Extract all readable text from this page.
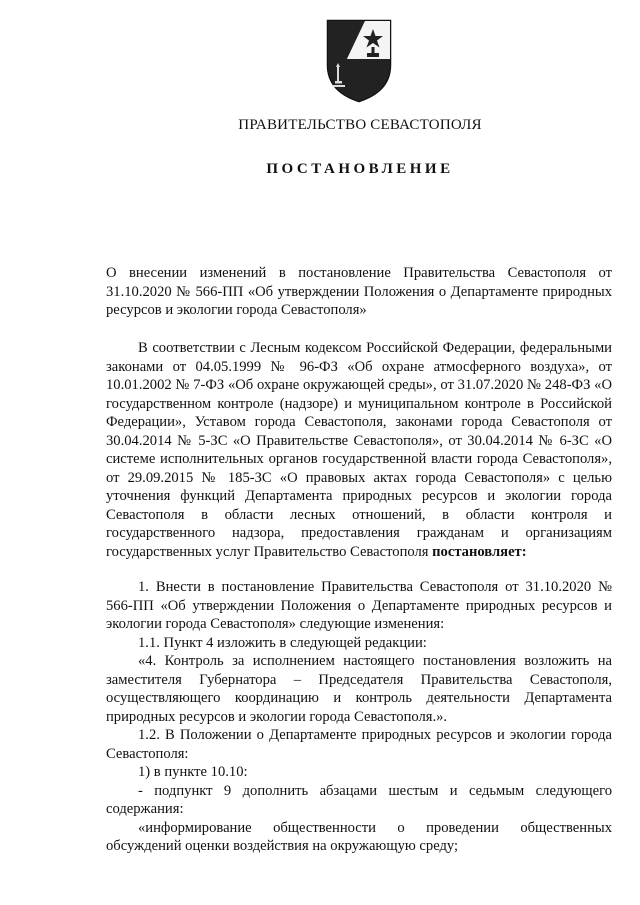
ПРАВИТЕЛЬСТВО СЕВАСТОПОЛЯ
ПОСТАНОВЛЕНИЕ

О внесении изменений в постановление Правительства Севастополя от 31.10.2020 № 566-ПП «Об утверждении Положения о Департаменте природных ресурсов и экологии города Севастополя»

В соответствии с Лесным кодексом Российской Федерации, федеральными законами от 04.05.1999 № 96-ФЗ «Об охране атмосферного воздуха», от 10.01.2002 № 7-ФЗ «Об охране окружающей среды», от 31.07.2020 № 248-ФЗ «О государственном контроле (надзоре) и муниципальном контроле в Российской Федерации», Уставом города Севастополя, законами города Севастополя от 30.04.2014 № 5-ЗС «О Правительстве Севастополя», от 30.04.2014 № 6-ЗС «О системе исполнительных органов государственной власти города Севастополя», от 29.09.2015 № 185-ЗС «О правовых актах города Севастополя» с целью уточнения функций Департамента природных ресурсов и экологии города Севастополя в области лесных отношений, в области контроля и государственного надзора, предоставления гражданам и организациям государственных услуг Правительство Севастополя постановляет:

1. Внести в постановление Правительства Севастополя от 31.10.2020 № 566-ПП «Об утверждении Положения о Департаменте природных ресурсов и экологии города Севастополя» следующие изменения:

1.1. Пункт 4 изложить в следующей редакции:

«4. Контроль за исполнением настоящего постановления возложить на заместителя Губернатора – Председателя Правительства Севастополя, осуществляющего координацию и контроль деятельности Департамента природных ресурсов и экологии города Севастополя.».

1.2. В Положении о Департаменте природных ресурсов и экологии города Севастополя:

1) в пункте 10.10:

- подпункт 9 дополнить абзацами шестым и седьмым следующего содержания:

«информирование общественности о проведении общественных обсуждений оценки воздействия на окружающую среду;
